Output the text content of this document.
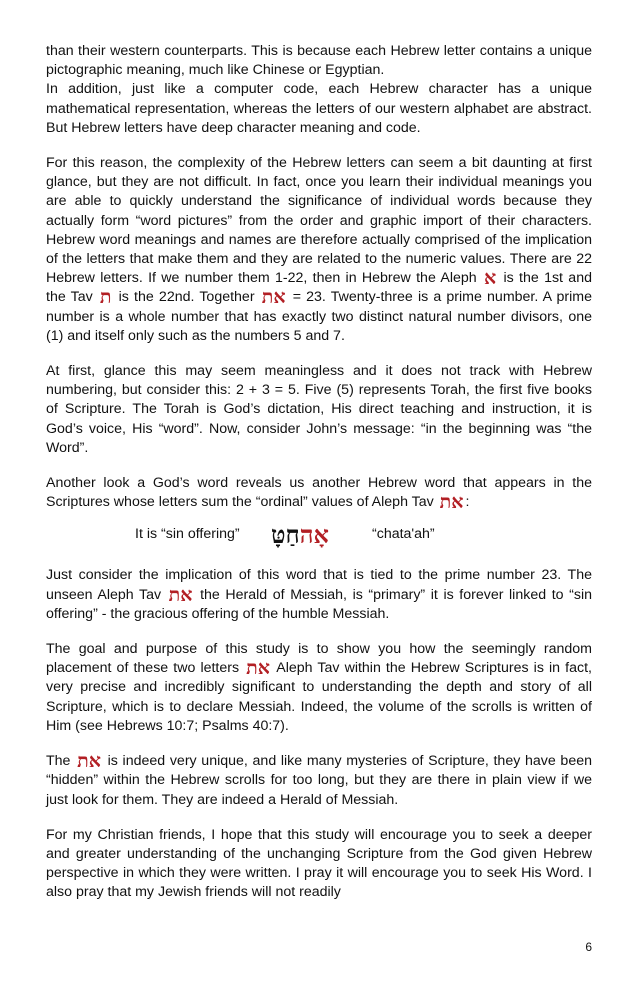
than their western counterparts. This is because each Hebrew letter contains a unique pictographic meaning, much like Chinese or Egyptian.

In addition, just like a computer code, each Hebrew character has a unique mathematical representation, whereas the letters of our western alphabet are abstract. But Hebrew letters have deep character meaning and code.

For this reason, the complexity of the Hebrew letters can seem a bit daunting at first glance, but they are not difficult. In fact, once you learn their individual meanings you are able to quickly understand the significance of individual words because they actually form “word pictures” from the order and graphic import of their characters. Hebrew word meanings and names are therefore actually comprised of the implication of the letters that make them and they are related to the numeric values. There are 22 Hebrew letters. If we number them 1-22, then in Hebrew the Aleph א is the 1st and the Tav ת is the 22nd. Together את = 23. Twenty-three is a prime number. A prime number is a whole number that has exactly two distinct natural number divisors, one (1) and itself only such as the numbers 5 and 7.

At first, glance this may seem meaningless and it does not track with Hebrew numbering, but consider this: 2 + 3 = 5. Five (5) represents Torah, the first five books of Scripture. The Torah is God’s dictation, His direct teaching and instruction, it is God’s voice, His “word”. Now, consider John’s message: “in the beginning was “the Word”.

Another look a God’s word reveals us another Hebrew word that appears in the Scriptures whose letters sum the “ordinal” values of Aleph Tav את :

It is “sin offering”	אָהחַטָּ	“chata'ah”

Just consider the implication of this word that is tied to the prime number 23. The unseen Aleph Tav את the Herald of Messiah, is “primary” it is forever linked to “sin offering” - the gracious offering of the humble Messiah.

The goal and purpose of this study is to show you how the seemingly random placement of these two letters את Aleph Tav within the Hebrew Scriptures is in fact, very precise and incredibly significant to understanding the depth and story of all Scripture, which is to declare Messiah. Indeed, the volume of the scrolls is written of Him (see Hebrews 10:7; Psalms 40:7).

The את is indeed very unique, and like many mysteries of Scripture, they have been “hidden” within the Hebrew scrolls for too long, but they are there in plain view if we just look for them. They are indeed a Herald of Messiah.

For my Christian friends, I hope that this study will encourage you to seek a deeper and greater understanding of the unchanging Scripture from the God given Hebrew perspective in which they were written. I pray it will encourage you to seek His Word. I also pray that my Jewish friends will not readily

6
